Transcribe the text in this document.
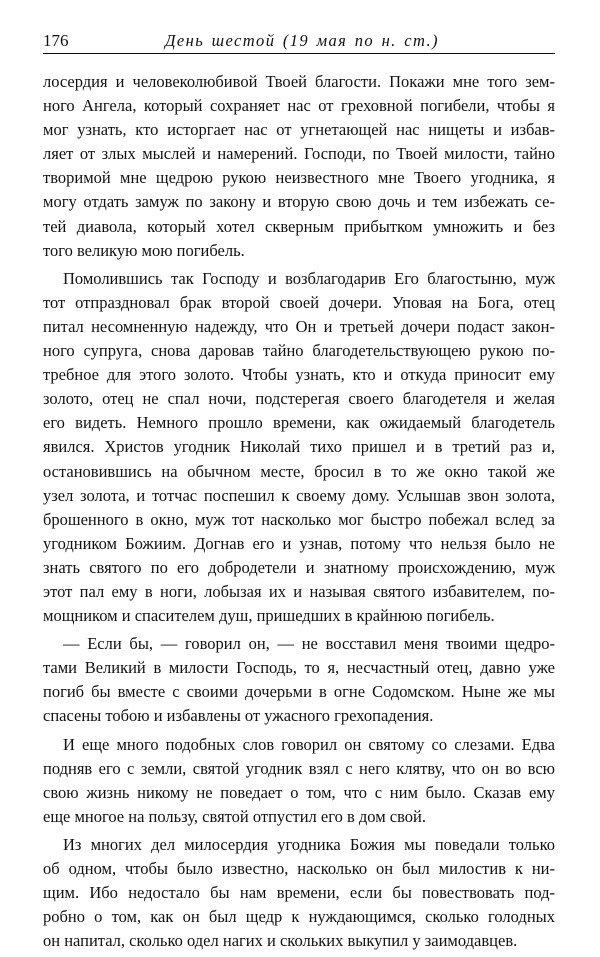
176	День шестой (19 мая по н. ст.)
лосердия и человеколюбивой Твоей благости. Покажи мне того зем-
ного Ангела, который сохраняет нас от греховной погибели, чтобы я
мог узнать, кто исторгает нас от угнетающей нас нищеты и избав-
ляет от злых мыслей и намерений. Господи, по Твоей милости, тайно
творимой мне щедрою рукою неизвестного мне Твоего угодника, я
могу отдать замуж по закону и вторую свою дочь и тем избежать се-
тей диавола, который хотел скверным прибытком умножить и без
того великую мою погибель.
Помолившись так Господу и возблагодарив Его благостыню, муж
тот отпраздновал брак второй своей дочери. Уповая на Бога, отец
питал несомненную надежду, что Он и третьей дочери подаст закон-
ного супруга, снова даровав тайно благодетельствующею рукою по-
требное для этого золото. Чтобы узнать, кто и откуда приносит ему
золото, отец не спал ночи, подстерегая своего благодетеля и желая
его видеть. Немного прошло времени, как ожидаемый благодетель
явился. Христов угодник Николай тихо пришел и в третий раз и,
остановившись на обычном месте, бросил в то же окно такой же
узел золота, и тотчас поспешил к своему дому. Услышав звон золота,
брошенного в окно, муж тот насколько мог быстро побежал вслед за
угодником Божиим. Догнав его и узнав, потому что нельзя было не
знать святого по его добродетели и знатному происхождению, муж
этот пал ему в ноги, лобызая их и называя святого избавителем, по-
мощником и спасителем душ, пришедших в крайнюю погибель.
— Если бы, — говорил он, — не восставил меня твоими щедро-
тами Великий в милости Господь, то я, несчастный отец, давно уже
погиб бы вместе с своими дочерьми в огне Содомском. Ныне же мы
спасены тобою и избавлены от ужасного грехопадения.
И еще много подобных слов говорил он святому со слезами. Едва
подняв его с земли, святой угодник взял с него клятву, что он во всю
свою жизнь никому не поведает о том, что с ним было. Сказав ему
еще многое на пользу, святой отпустил его в дом свой.
Из многих дел милосердия угодника Божия мы поведали только
об одном, чтобы было известно, насколько он был милостив к ни-
щим. Ибо недостало бы нам времени, если бы повествовать под-
робно о том, как он был щедр к нуждающимся, сколько голодных
он напитал, сколько одел нагих и скольких выкупил у заимодавцев.
